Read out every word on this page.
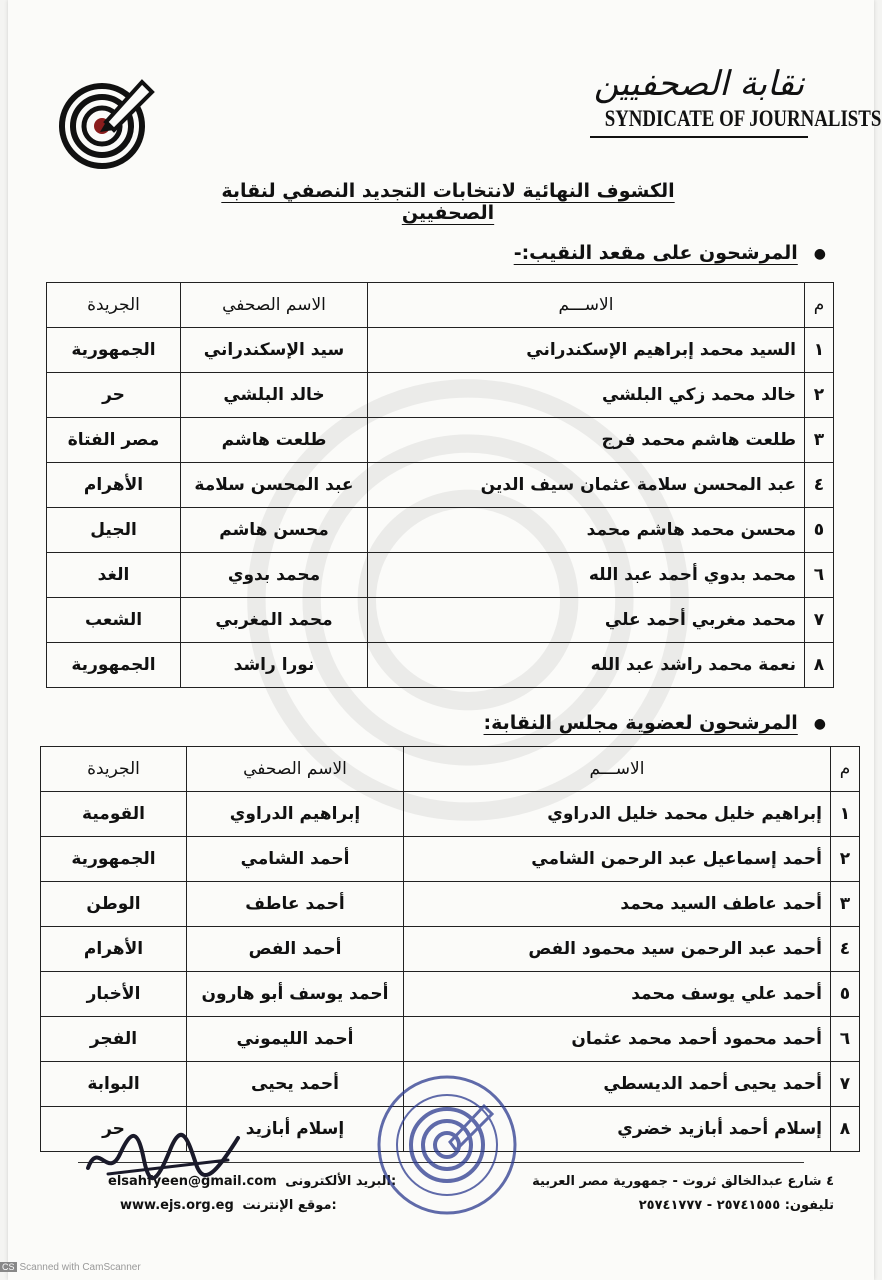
نقابة الصحفيين
SYNDICATE OF JOURNALISTS
الكشوف النهائية لانتخابات التجديد النصفي لنقابة الصحفيين
●المرشحون على مقعد النقيب:-
م	الاســـم	الاسم الصحفي	الجريدة
١	السيد محمد إبراهيم الإسكندراني	سيد الإسكندراني	الجمهورية
٢	خالد محمد زكي البلشي	خالد البلشي	حر
٣	طلعت هاشم محمد فرج	طلعت هاشم	مصر الفتاة
٤	عبد المحسن سلامة عثمان سيف الدين	عبد المحسن سلامة	الأهرام
٥	محسن محمد هاشم محمد	محسن هاشم	الجيل
٦	محمد بدوي أحمد عبد الله	محمد بدوي	الغد
٧	محمد مغربي أحمد علي	محمد المغربي	الشعب
٨	نعمة محمد راشد عبد الله	نورا راشد	الجمهورية
●المرشحون لعضوية مجلس النقابة:
م	الاســـم	الاسم الصحفي	الجريدة
١	إبراهيم خليل محمد خليل الدراوي	إبراهيم الدراوي	القومية
٢	أحمد إسماعيل عبد الرحمن الشامي	أحمد الشامي	الجمهورية
٣	أحمد عاطف السيد محمد	أحمد عاطف	الوطن
٤	أحمد عبد الرحمن سيد محمود الفص	أحمد الفص	الأهرام
٥	أحمد علي يوسف محمد	أحمد يوسف أبو هارون	الأخبار
٦	أحمد محمود أحمد محمد عثمان	أحمد الليموني	الفجر
٧	أحمد يحيى أحمد الديسطي	أحمد يحيى	البوابة
٨	إسلام أحمد أبازيد خضري	إسلام أبازيد	حر
٤ شارع عبدالخالق ثروت - جمهورية مصر العربية
تليفون: ٢٥٧٤١٥٥٥ - ٢٥٧٤١٧٧٧
elsahfyeen@gmail.com البريد الألكترونى:
www.ejs.org.eg موقع الإنترنت:
CS Scanned with CamScanner
